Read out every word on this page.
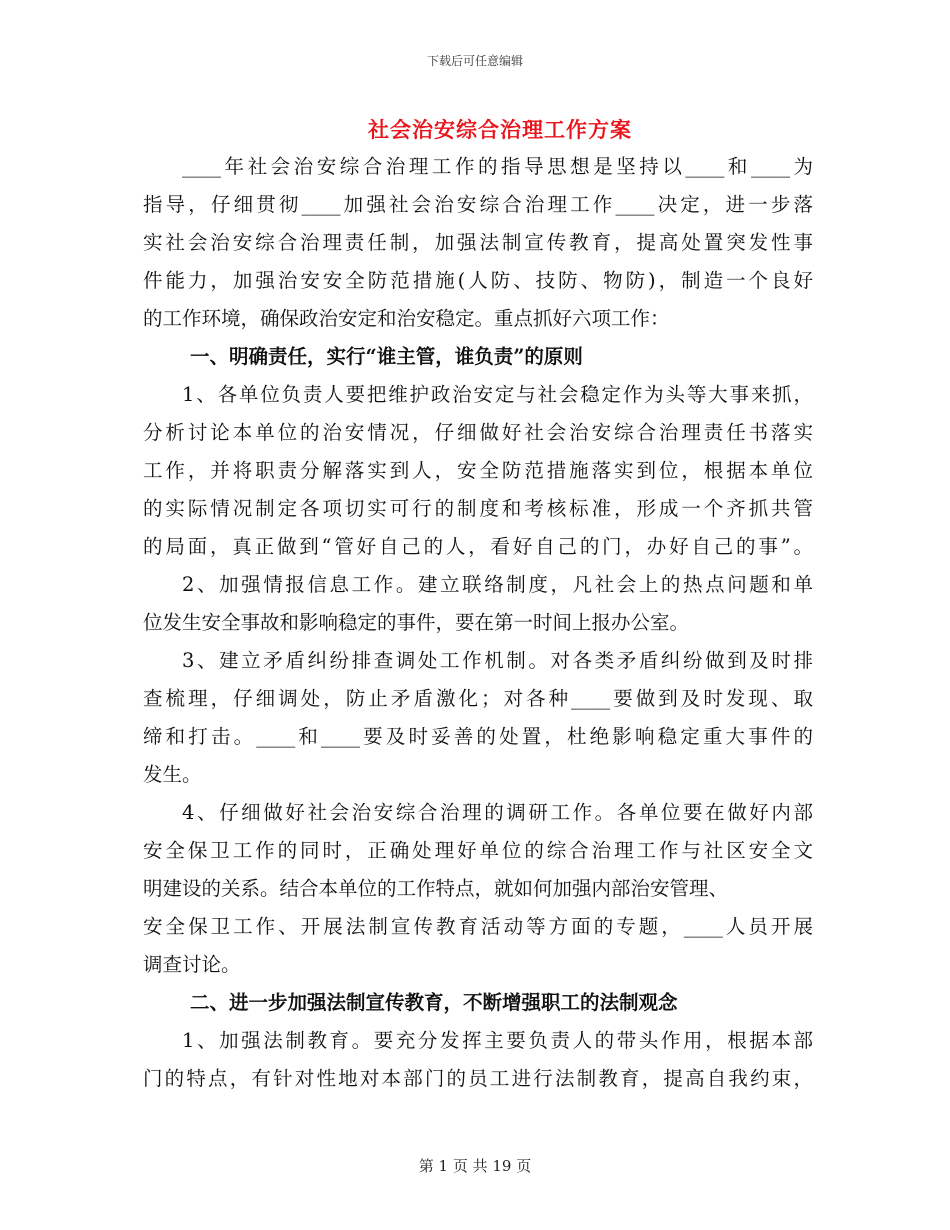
下载后可任意编辑
社会治安综合治理工作方案
____年社会治安综合治理工作的指导思想是坚持以____和____为
指导，仔细贯彻____加强社会治安综合治理工作____决定，进一步落
实社会治安综合治理责任制，加强法制宣传教育，提高处置突发性事
件能力，加强治安安全防范措施(人防、技防、物防)，制造一个良好
的工作环境，确保政治安定和治安稳定。重点抓好六项工作：
一、明确责任，实行“谁主管，谁负责”的原则
1、各单位负责人要把维护政治安定与社会稳定作为头等大事来抓，
分析讨论本单位的治安情况，仔细做好社会治安综合治理责任书落实
工作，并将职责分解落实到人，安全防范措施落实到位，根据本单位
的实际情况制定各项切实可行的制度和考核标准，形成一个齐抓共管
的局面，真正做到“管好自己的人，看好自己的门，办好自己的事”。
2、加强情报信息工作。建立联络制度，凡社会上的热点问题和单
位发生安全事故和影响稳定的事件，要在第一时间上报办公室。
3、建立矛盾纠纷排查调处工作机制。对各类矛盾纠纷做到及时排
查梳理，仔细调处，防止矛盾激化；对各种____要做到及时发现、取
缔和打击。____和____要及时妥善的处置，杜绝影响稳定重大事件的
发生。
4、仔细做好社会治安综合治理的调研工作。各单位要在做好内部
安全保卫工作的同时，正确处理好单位的综合治理工作与社区安全文
明建设的关系。结合本单位的工作特点，就如何加强内部治安管理、
安全保卫工作、开展法制宣传教育活动等方面的专题，____人员开展
调查讨论。
二、进一步加强法制宣传教育，不断增强职工的法制观念
1、加强法制教育。要充分发挥主要负责人的带头作用，根据本部
门的特点，有针对性地对本部门的员工进行法制教育，提高自我约束，
第 1 页 共 19 页
